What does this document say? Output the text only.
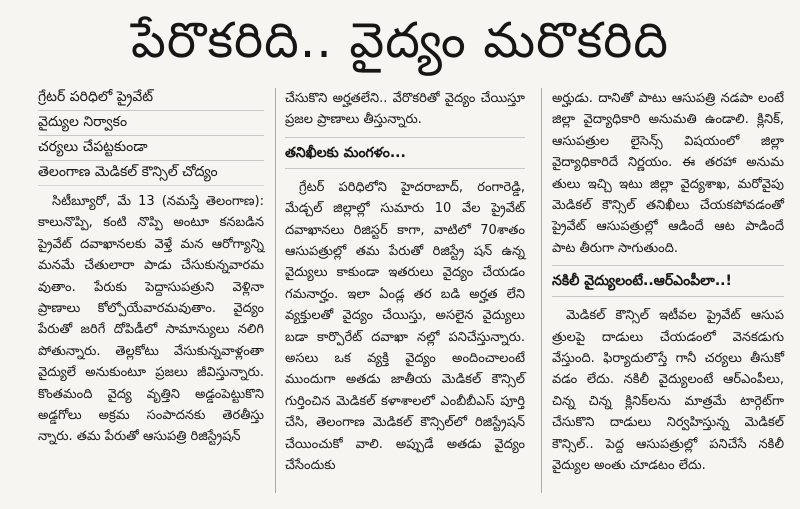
పేరొకరిది.. వైద్యం మరొకరిది
గ్రేటర్ పరిధిలో ప్రైవేట్
వైద్యుల నిర్వాకం
చర్యలు చేపట్టకుండా
తెలంగాణ మెడికల్ కౌన్సిల్ చోద్యం

సిటీబ్యూరో, మే 13 (నమస్తే తెలంగాణ): కాలునొప్పి, కంటి నొప్పి అంటూ కనబడిన ప్రైవేట్ దవాఖానలకు వెళ్తే మన ఆరోగ్యాన్ని మనమే చేతులారా పాడు చేసుకున్నవారమ వుతాం. పేరుకు పెద్దాసుపత్రుని వెళ్లినా ప్రాణాలు కోల్పోయేవారమవుతాం. వైద్యం పేరుతో జరిగే దోపిడీలో సామాన్యులు నలిగి పోతున్నారు. తెల్లకోటు వేసుకున్నవాళ్లంతా వైద్యులే అనుకుంటూ ప్రజలు జీవిస్తున్నారు. కొంతమంది వైద్య వృత్తిని అడ్డంపెట్టుకొని అడ్డగోలు అక్రమ సంపాదనకు తెరతీస్తు న్నారు. తమ పేరుతో ఆసుపత్రి రిజిస్ట్రేషన్

చేసుకొని అర్హతలేని.. వేరొకరితో వైద్యం చేయిస్తూ ప్రజల ప్రాణాలు తీస్తున్నారు.

తనిఖీలకు మంగళం...

గ్రేటర్ పరిధిలోని హైదరాబాద్, రంగారెడ్డి, మేడ్చల్ జిల్లాల్లో సుమారు 10 వేల ప్రైవేట్ దవాఖానలు రిజిస్టర్ కాగా, వాటిలో 70శాతం ఆసుపత్రుల్లో తమ పేరుతో రిజిస్ట్రే షన్ ఉన్న వైద్యులు కాకుండా ఇతరులు వైద్యం చేయడం గమనార్హం. ఇలా ఏండ్ల తర బడి అర్హత లేని వ్యక్తులతో వైద్యం చేయిస్తు, అసలైన వైద్యులు బడా కార్పొరేట్ దవాఖా నల్లో పనిచేస్తున్నారు. అసలు ఒక వ్యక్తి వైద్యం అందించాలంటే ముందుగా అతడు జాతీయ మెడికల్ కౌన్సిల్ గుర్తించిన మెడికల్ కళాశాలలో ఎంబీబీఎస్ పూర్తి చేసి, తెలంగాణ మెడికల్ కౌన్సిల్‌లో రిజిస్ట్రేషన్ చేయించుకో వాలి. అప్పుడే అతడు వైద్యం చేసేందుకు

అర్హుడు. దానితో పాటు ఆసుపత్రి నడపా లంటే జిల్లా వైద్యాధికారి అనుమతి ఉండాలి. క్లినిక్, ఆసుపత్రుల లైసెన్స్ విషయంలో జిల్లా వైద్యాధికారిదే నిర్ణయం. ఈ తరహా అనుమ తులు ఇచ్చి ఇటు జిల్లా వైద్యశాఖ, మరోవైపు మెడికల్ కౌన్సిల్ తనిఖీలు చేయకపోవడంతో ప్రైవేట్ ఆసుపత్రుల్లో ఆడిందే ఆట పాడిందే పాట తీరుగా సాగుతుంది.

నకిలీ వైద్యులంటే..ఆర్‌ఎంపీలా..!

మెడికల్ కౌన్సిల్ ఇటీవల ప్రైవేట్ ఆసుప త్రులపై దాడులు చేయడంలో వెనకడుగు వేస్తుంది. ఫిర్యాదులొస్తే గానీ చర్యలు తీసుకో వడం లేదు. నకిలీ వైద్యులంటే ఆర్‌ఎంపీలు, చిన్న చిన్న క్లినిక్‌లను మాత్రమే టార్గెట్‌గా చేసుకొని దాడులు నిర్వహిస్తున్న మెడికల్ కౌన్సిల్.. పెద్ద ఆసుపత్రుల్లో పనిచేసే నకిలీ వైద్యుల అంతు చూడటం లేదు.
